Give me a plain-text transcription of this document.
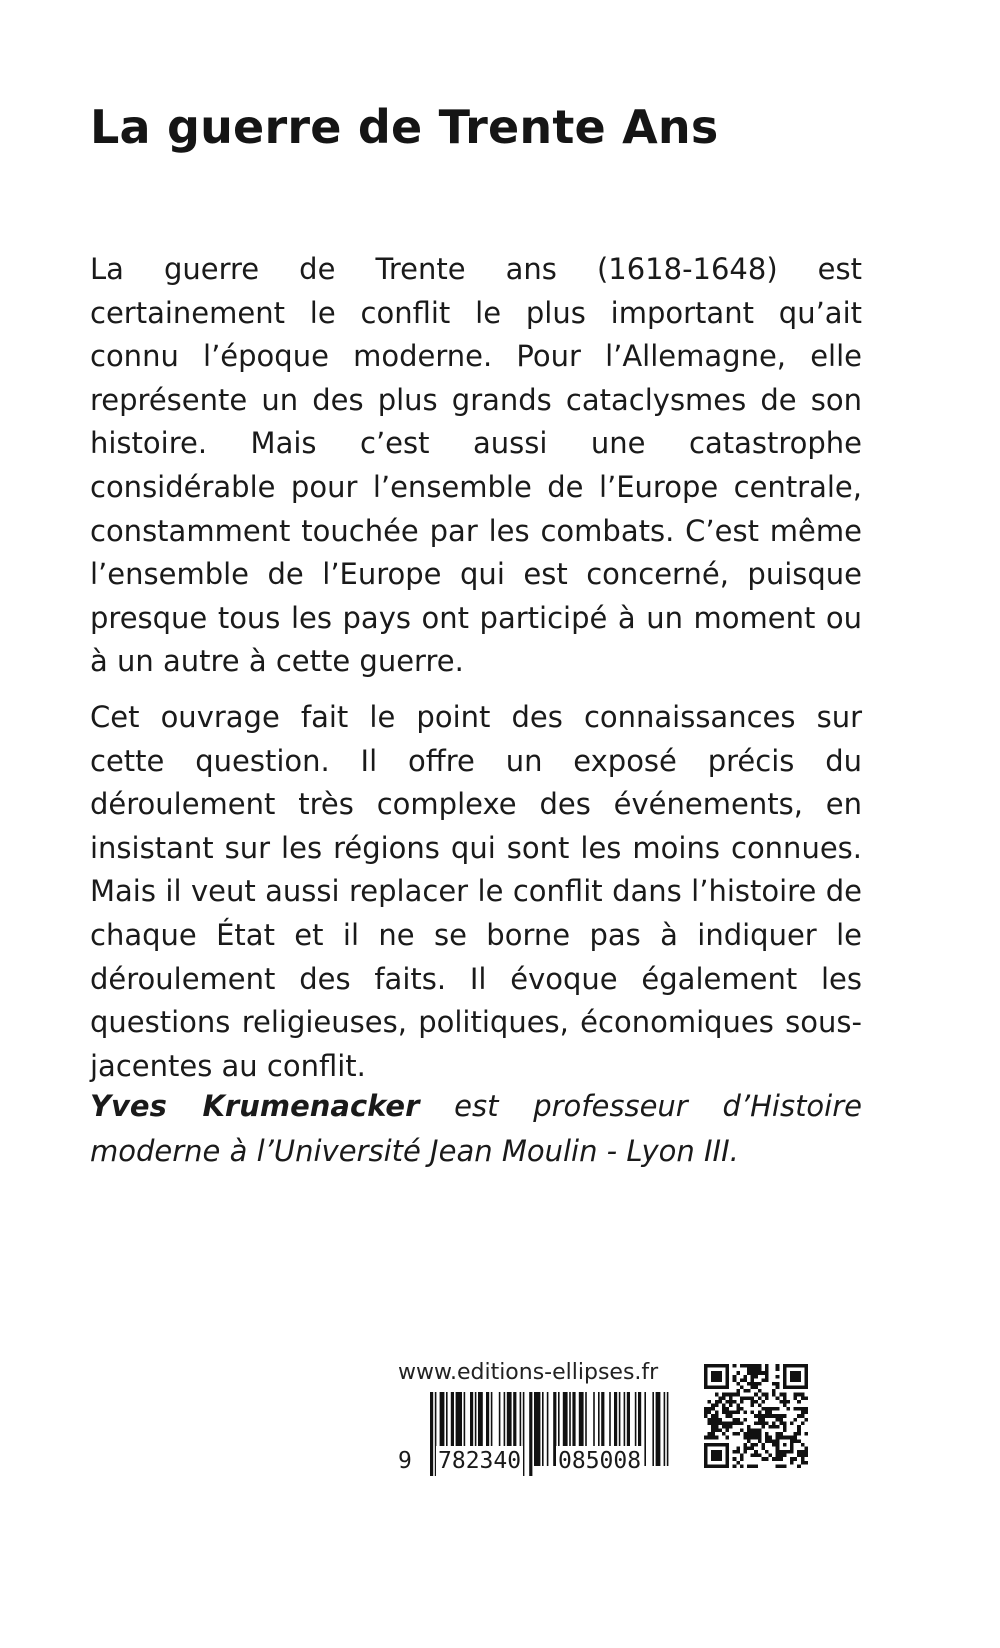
La guerre de Trente Ans

La guerre de Trente ans (1618-1648) est certainement le conflit le plus important qu’ait connu l’époque moderne. Pour l’Allemagne, elle représente un des plus grands cataclysmes de son histoire. Mais c’est aussi une catastrophe considérable pour l’ensemble de l’Europe centrale, constamment touchée par les combats. C’est même l’ensemble de l’Europe qui est concerné, puisque presque tous les pays ont participé à un moment ou à un autre à cette guerre.

Cet ouvrage fait le point des connaissances sur cette question. Il offre un exposé précis du déroulement très complexe des événements, en insistant sur les régions qui sont les moins connues. Mais il veut aussi replacer le conflit dans l’histoire de chaque État et il ne se borne pas à indiquer le déroulement des faits. Il évoque également les questions religieuses, politiques, économiques sous-jacentes au conflit.

Yves Krumenacker est professeur d’Histoire moderne à l’Université Jean Moulin - Lyon III.

www.editions-ellipses.fr
9 782340 085008
